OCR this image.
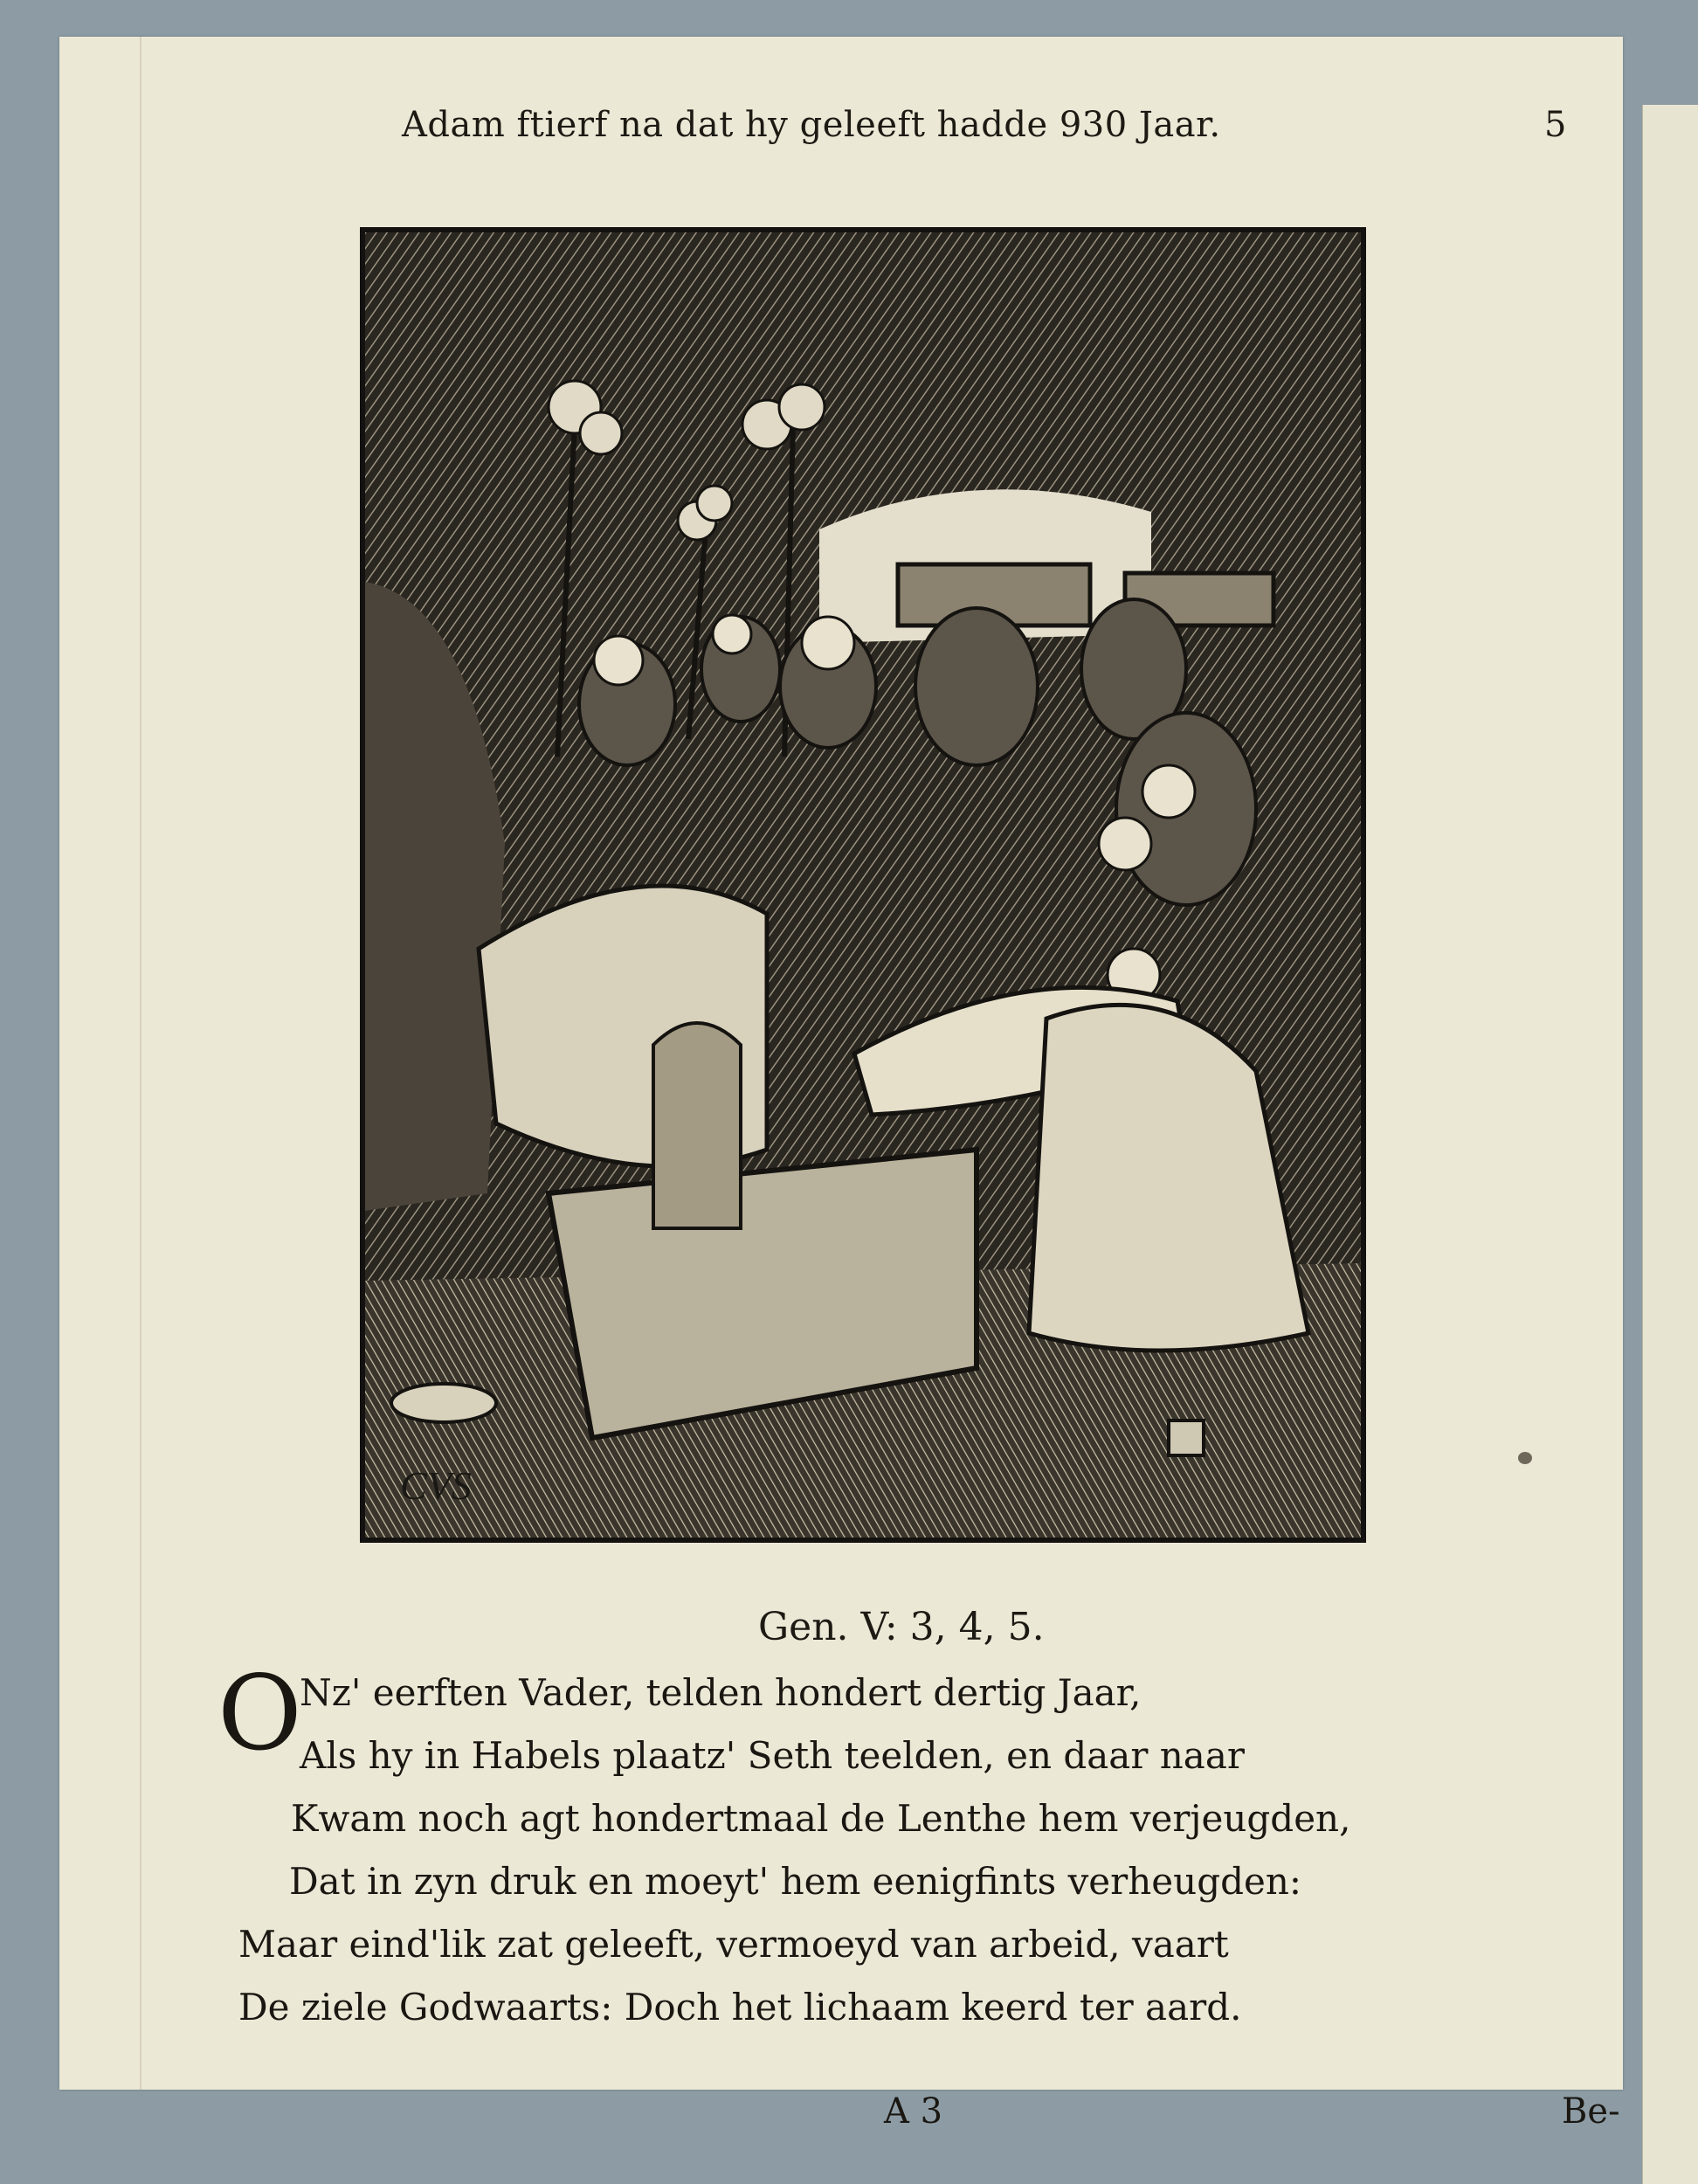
Adam ftierf na dat hy geleeft hadde 930 Jaar.	5
CVS
Gen. V: 3, 4, 5.
O
Nz' eerften Vader, telden hondert dertig Jaar,
Als hy in Habels plaatz' Seth teelden, en daar naar
Kwam noch agt hondertmaal de Lenthe hem verjeugden,
Dat in zyn druk en moeyt' hem eenigfints verheugden:
Maar eind'lik zat geleeft, vermoeyd van arbeid, vaart
De ziele Godwaarts: Doch het lichaam keerd ter aard.
A 3	Be-
